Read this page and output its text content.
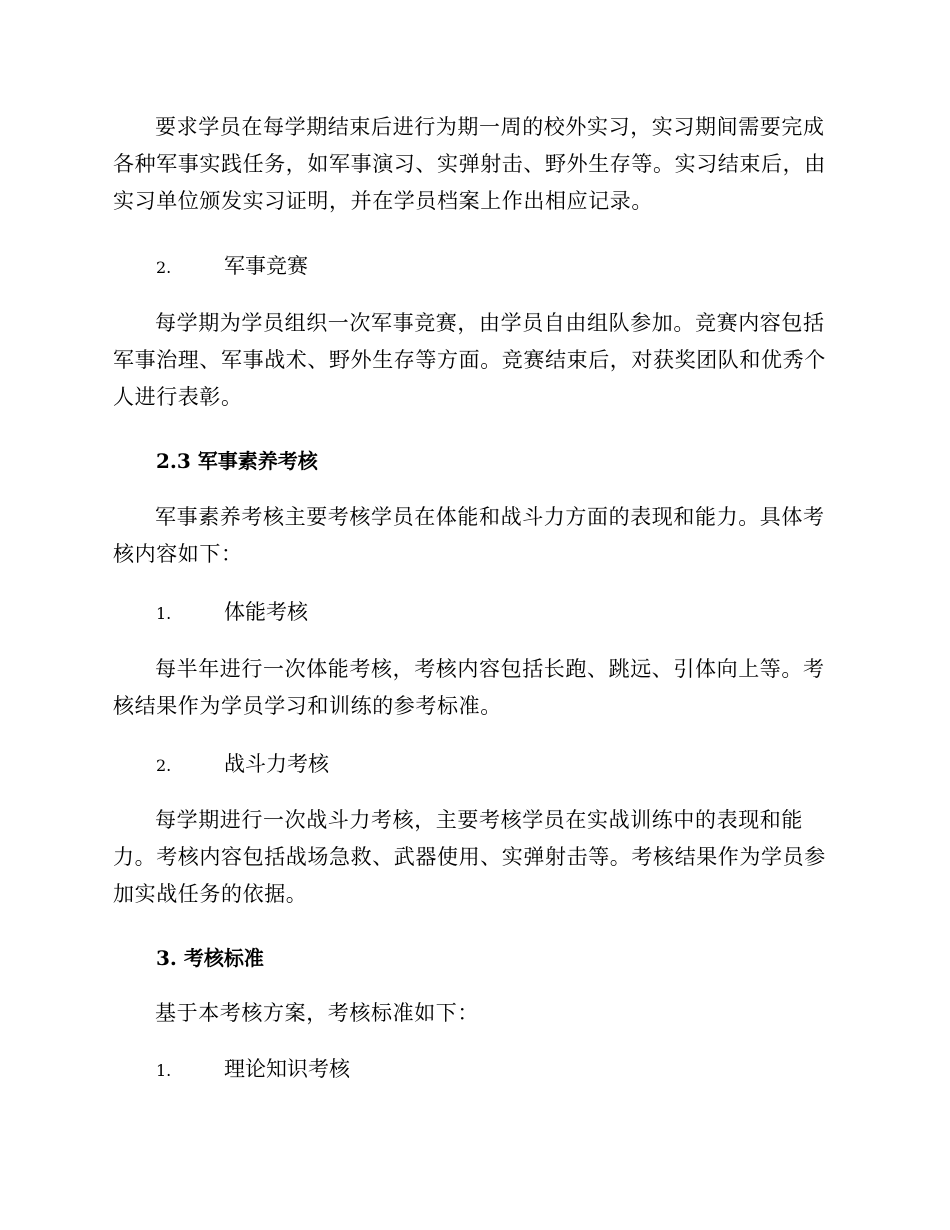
要求学员在每学期结束后进行为期一周的校外实习，实习期间需要完成各种军事实践任务，如军事演习、实弹射击、野外生存等。实习结束后，由实习单位颁发实习证明，并在学员档案上作出相应记录。

2.	军事竞赛

每学期为学员组织一次军事竞赛，由学员自由组队参加。竞赛内容包括军事治理、军事战术、野外生存等方面。竞赛结束后，对获奖团队和优秀个人进行表彰。

2.3 军事素养考核

军事素养考核主要考核学员在体能和战斗力方面的表现和能力。具体考核内容如下：

1.	体能考核

每半年进行一次体能考核，考核内容包括长跑、跳远、引体向上等。考核结果作为学员学习和训练的参考标准。

2.	战斗力考核

每学期进行一次战斗力考核，主要考核学员在实战训练中的表现和能力。考核内容包括战场急救、武器使用、实弹射击等。考核结果作为学员参加实战任务的依据。

3. 考核标准

基于本考核方案，考核标准如下：

1.	理论知识考核
